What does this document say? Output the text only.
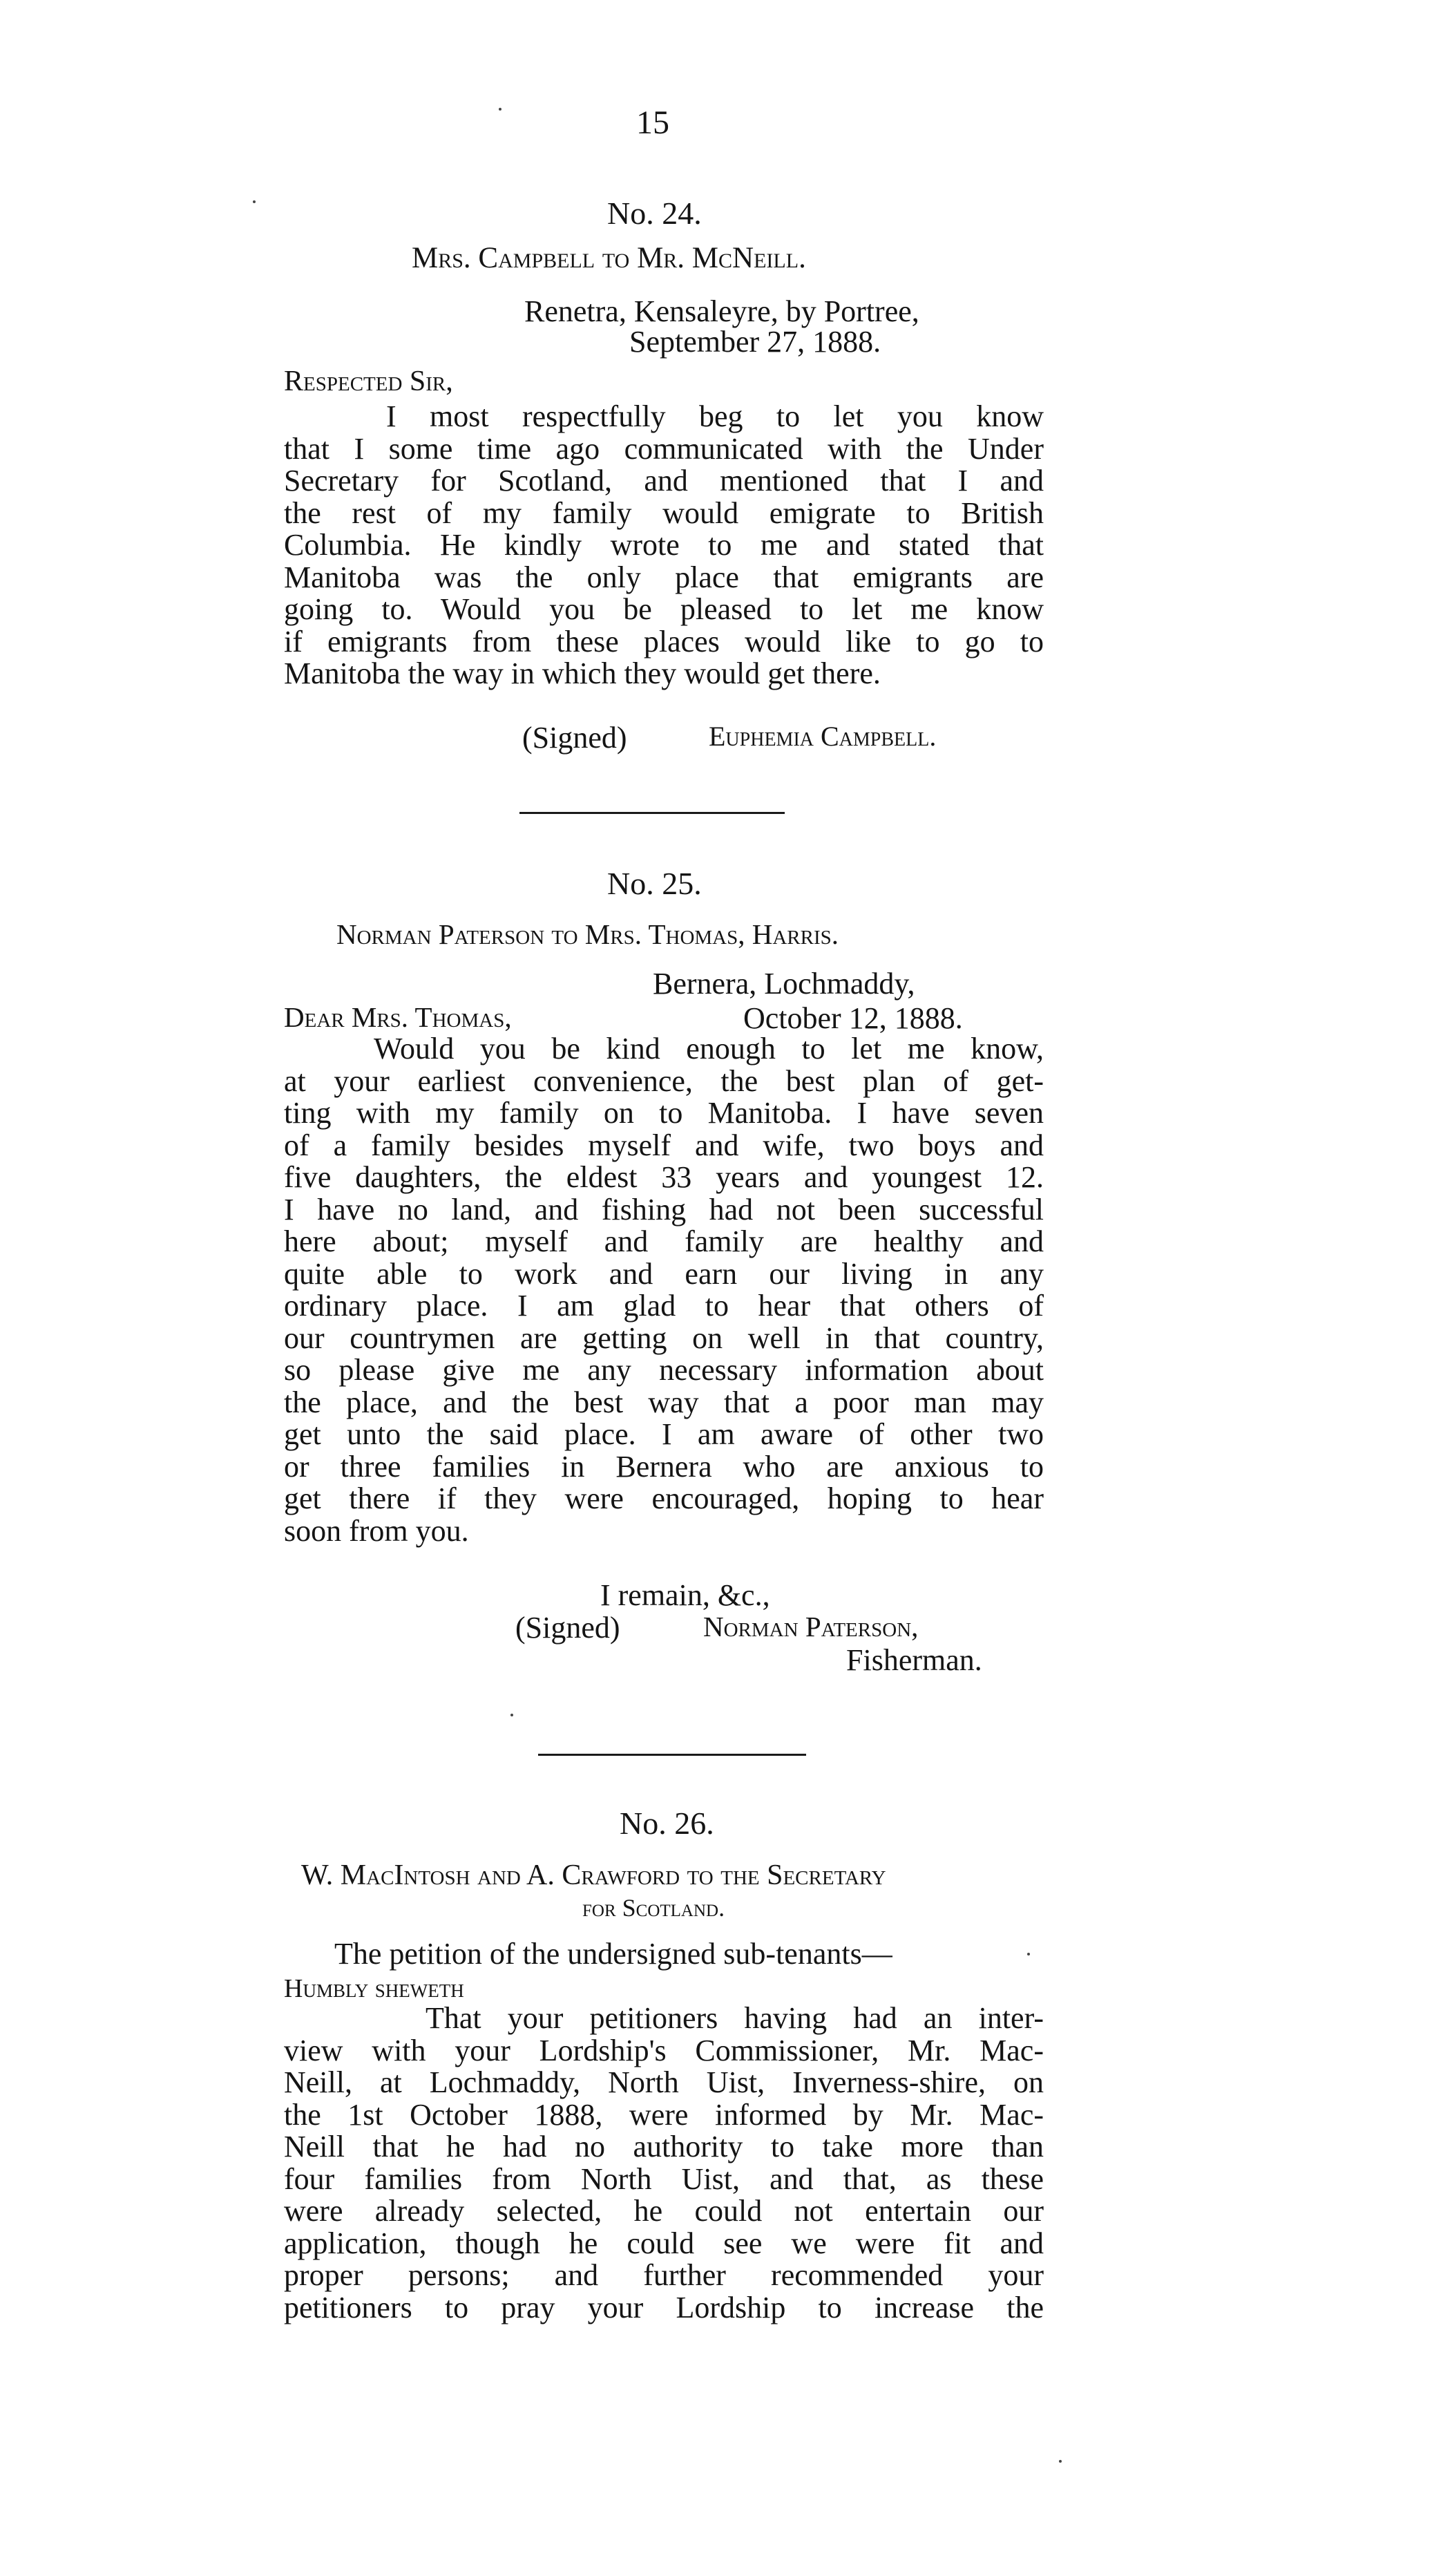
15
No. 24.
Mrs. Campbell to Mr. McNeill.
Renetra, Kensaleyre, by Portree,
September 27, 1888.
Respected Sir,
I most respectfully beg to let you know
that I some time ago communicated with the Under
Secretary for Scotland, and mentioned that I and
the rest of my family would emigrate to British
Columbia. He kindly wrote to me and stated that
Manitoba was the only place that emigrants are
going to. Would you be pleased to let me know
if emigrants from these places would like to go to
Manitoba the way in which they would get there.
(Signed)	Euphemia Campbell.
No. 25.
Norman Paterson to Mrs. Thomas, Harris.
Bernera, Lochmaddy,
Dear Mrs. Thomas,	October 12, 1888.
Would you be kind enough to let me know,
at your earliest convenience, the best plan of get-
ting with my family on to Manitoba. I have seven
of a family besides myself and wife, two boys and
five daughters, the eldest 33 years and youngest 12.
I have no land, and fishing had not been successful
here about; myself and family are healthy and
quite able to work and earn our living in any
ordinary place. I am glad to hear that others of
our countrymen are getting on well in that country,
so please give me any necessary information about
the place, and the best way that a poor man may
get unto the said place. I am aware of other two
or three families in Bernera who are anxious to
get there if they were encouraged, hoping to hear
soon from you.
I remain, &c.,
(Signed)	Norman Paterson,
Fisherman.
No. 26.
W. MacIntosh and A. Crawford to the Secretary
for Scotland.
The petition of the undersigned sub-tenants—
Humbly sheweth
That your petitioners having had an inter-
view with your Lordship's Commissioner, Mr. Mac-
Neill, at Lochmaddy, North Uist, Inverness-shire, on
the 1st October 1888, were informed by Mr. Mac-
Neill that he had no authority to take more than
four families from North Uist, and that, as these
were already selected, he could not entertain our
application, though he could see we were fit and
proper persons; and further recommended your
petitioners to pray your Lordship to increase the
